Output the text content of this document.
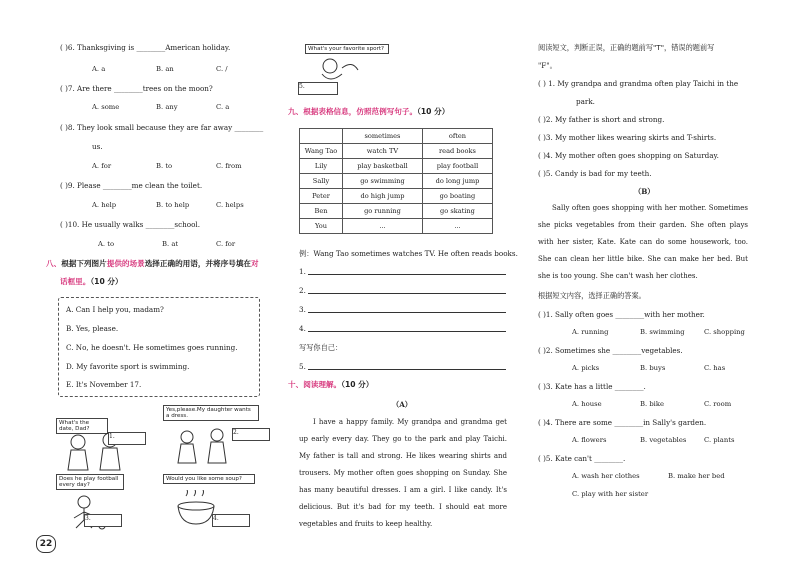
( )6. Thanksgiving is ________American holiday.
A. a	B. an	C. /
( )7. Are there ________trees on the moon?
A. some	B. any	C. a
( )8. They look small because they are far away ________
us.
A. for	B. to	C. from
( )9. Please ________me clean the toilet.
A. help	B. to help	C. helps
( )10. He usually walks ________school.
A. to	B. at	C. for
八、根据下列图片提供的场景选择正确的用语，并将序号填在对
话框里。（10 分）
A. Can I help you, madam?
B. Yes, please.
C. No, he doesn't. He sometimes goes running.
D. My favorite sport is swimming.
E. It's November 17.
What's the date, Dad?
1.
Yes,please.My daughter wants a dress.
2.
Does he play football every day?
3.
Would you like some soup?
4.
22
What's your favorite sport?
5.
九、根据表格信息，仿照范例写句子。（10 分）
	sometimes	often
Wang Tao	watch TV	read books
Lily	play basketball	play football
Sally	go swimming	do long jump
Peter	do high jump	go boating
Ben	go running	go skating
You	...	...
例：Wang Tao sometimes watches TV. He often reads books.
1.
2.
3.
4.
写写你自己：
5.
十、阅读理解。（10 分）
（A）
I have a happy family. My grandpa and grandma get up early every day. They go to the park and play Taichi. My father is tall and strong. He likes wearing shirts and trousers. My mother often goes shopping on Sunday. She has many beautiful dresses. I am a girl. I like candy. It's delicious. But it's bad for my teeth. I should eat more vegetables and fruits to keep healthy.
阅读短文，判断正误，正确的题前写"T"，错误的题前写
"F"。
( ) 1. My grandpa and grandma often play Taichi in the
park.
( )2. My father is short and strong.
( )3. My mother likes wearing skirts and T-shirts.
( )4. My mother often goes shopping on Saturday.
( )5. Candy is bad for my teeth.
（B）
Sally often goes shopping with her mother. Sometimes she picks vegetables from their garden. She often plays with her sister, Kate. Kate can do some housework, too. She can clean her little bike. She can make her bed. But she is too young. She can't wash her clothes.
根据短文内容，选择正确的答案。
( )1. Sally often goes ________with her mother.
A. running	B. swimming	C. shopping
( )2. Sometimes she ________vegetables.
A. picks	B. buys	C. has
( )3. Kate has a little ________.
A. house	B. bike	C. room
( )4. There are some ________in Sally's garden.
A. flowers	B. vegetables	C. plants
( )5. Kate can't ________.
A. wash her clothes	B. make her bed
C. play with her sister
